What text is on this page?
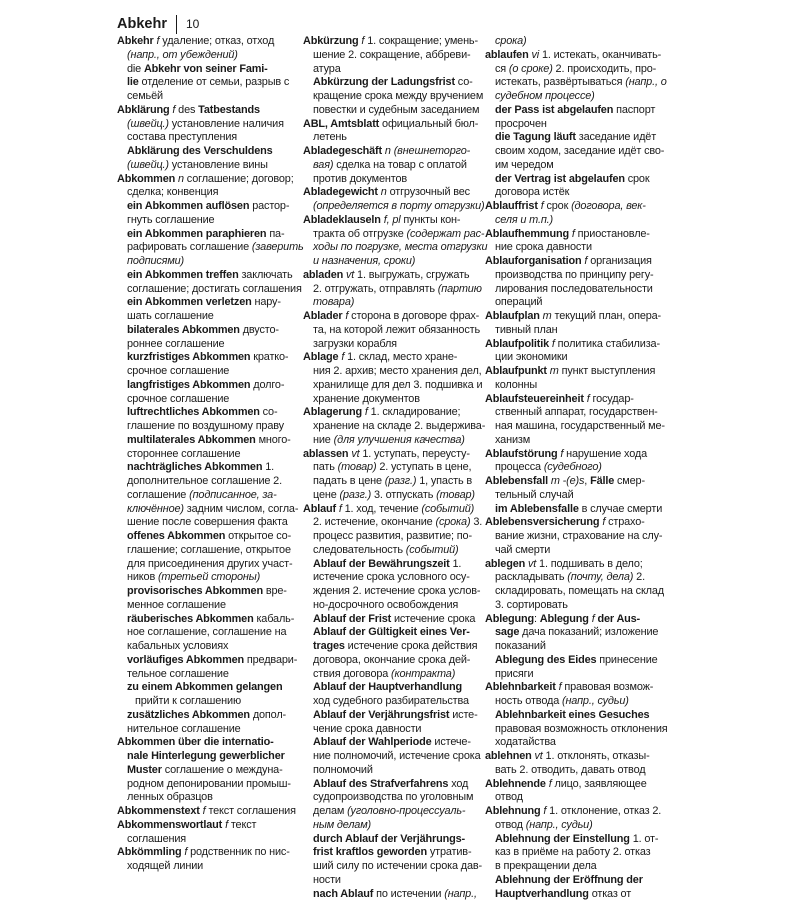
Abkehr 10
Abkehr f удаление; отказ, отход
(напр., от убеждений)
die Abkehr von seiner Fami-
lie отделение от семьи, разрыв с
семьёй
Abklärung f des Tatbestands
(швейц.) установление наличия
состава преступления
Abklärung des Verschuldens
(швейц.) установление вины
Abkommen n соглашение; договор;
сделка; конвенция
ein Abkommen auflösen растор-
гнуть соглашение
ein Abkommen paraphieren па-
рафировать соглашение (заверить
подписями)
ein Abkommen treffen заключать
соглашение; достигать соглашения
ein Abkommen verletzen нару-
шать соглашение
bilaterales Abkommen двусто-
роннее соглашение
kurzfristiges Abkommen кратко-
срочное соглашение
langfristiges Abkommen долго-
срочное соглашение
luftrechtliches Abkommen со-
глашение по воздушному праву
multilaterales Abkommen много-
стороннее соглашение
nachträgliches Abkommen 1.
дополнительное соглашение 2.
соглашение (подписанное, за-
ключённое) задним числом, согла-
шение после совершения факта
offenes Abkommen открытое со-
глашение; соглашение, открытое
для присоединения других участ-
ников (третьей стороны)
provisorisches Abkommen вре-
менное соглашение
räuberisches Abkommen кабаль-
ное соглашение, соглашение на
кабальных условиях
vorläufiges Abkommen предвари-
тельное соглашение
zu einem Abkommen gelangen
прийти к соглашению
zusätzliches Abkommen допол-
нительное соглашение
Abkommen über die internatio-
nale Hinterlegung gewerblicher
Muster соглашение о междуна-
родном депонировании промыш-
ленных образцов
Abkommenstext f текст соглашения
Abkommenswortlaut f текст
соглашения
Abkömmling f родственник по нис-
ходящей линии
Abkürzung f 1. сокращение; умень-
шение 2. сокращение, аббреви-
атура
Abkürzung der Ladungsfrist со-
кращение срока между вручением
повестки и судебным заседанием
ABL, Amtsblatt официальный бюл-
летень
Abladegeschäft n (внешнеторго-
вая) сделка на товар с оплатой
против документов
Abladegewicht n отгрузочный вес
(определяется в порту отгрузки)
Abladeklauseln f, pl пункты кон-
тракта об отгрузке (содержат рас-
ходы по погрузке, места отгрузки
и назначения, сроки)
abladen vt 1. выгружать, сгружать
2. отгружать, отправлять (партию
товара)
Ablader f сторона в договоре фрах-
та, на которой лежит обязанность
загрузки корабля
Ablage f 1. склад, место хране-
ния 2. архив; место хранения дел,
хранилище для дел 3. подшивка и
хранение документов
Ablagerung f 1. складирование;
хранение на складе 2. выдержива-
ние (для улучшения качества)
ablassen vt 1. уступать, переусту-
пать (товар) 2. уступать в цене,
падать в цене (разг.) 1, упасть в
цене (разг.) 3. отпускать (товар)
Ablauf f 1. ход, течение (событий)
2. истечение, окончание (срока) 3.
процесс развития, развитие; по-
следовательность (событий)
Ablauf der Bewährungszeit 1.
истечение срока условного осу-
ждения 2. истечение срока услов-
но-досрочного освобождения
Ablauf der Frist истечение срока
Ablauf der Gültigkeit eines Ver-
trages истечение срока действия
договора, окончание срока дей-
ствия договора (контракта)
Ablauf der Hauptverhandlung
ход судебного разбирательства
Ablauf der Verjährungsfrist исте-
чение срока давности
Ablauf der Wahlperiode истече-
ние полномочий, истечение срока
полномочий
Ablauf des Strafverfahrens ход
судопроизводства по уголовным
делам (уголовно-процессуаль-
ным делам)
durch Ablauf der Verjährungs-
frist kraftlos geworden утратив-
ший силу по истечении срока дав-
ности
nach Ablauf по истечении (напр.,
срока)
ablaufen vi 1. истекать, оканчивать-
ся (о сроке) 2. происходить, про-
истекать, развёртываться (напр., о
судебном процессе)
der Pass ist abgelaufen паспорт
просрочен
die Tagung läuft заседание идёт
своим ходом, заседание идёт сво-
им чередом
der Vertrag ist abgelaufen срок
договора истёк
Ablauffrist f срок (договора, век-
селя и т.п.)
Ablaufhemmung f приостановле-
ние срока давности
Ablauforganisation f организация
производства по принципу регу-
лирования последовательности
операций
Ablaufplan m текущий план, опера-
тивный план
Ablaufpolitik f политика стабилиза-
ции экономики
Ablaufpunkt m пункт выступления
колонны
Ablaufsteuereinheit f государ-
ственный аппарат, государствен-
ная машина, государственный ме-
ханизм
Ablaufstörung f нарушение хода
процесса (судебного)
Ablebensfall m -(e)s, Fälle смер-
тельный случай
im Ablebensfalle в случае смерти
Ablebensversicherung f страхо-
вание жизни, страхование на слу-
чай смерти
ablegen vt 1. подшивать в дело;
раскладывать (почту, дела) 2.
складировать, помещать на склад
3. сортировать
Ablegung: Ablegung f der Aus-
sage дача показаний; изложение
показаний
Ablegung des Eides принесение
присяги
Ablehnbarkeit f правовая возмож-
ность отвода (напр., судьи)
Ablehnbarkeit eines Gesuches
правовая возможность отклонения
ходатайства
ablehnen vt 1. отклонять, отказы-
вать 2. отводить, давать отвод
Ablehnende f лицо, заявляющее
отвод
Ablehnung f 1. отклонение, отказ 2.
отвод (напр., судьи)
Ablehnung der Einstellung 1. от-
каз в приёме на работу 2. отказ
в прекращении дела
Ablehnung der Eröffnung der
Hauptverhandlung отказ от
